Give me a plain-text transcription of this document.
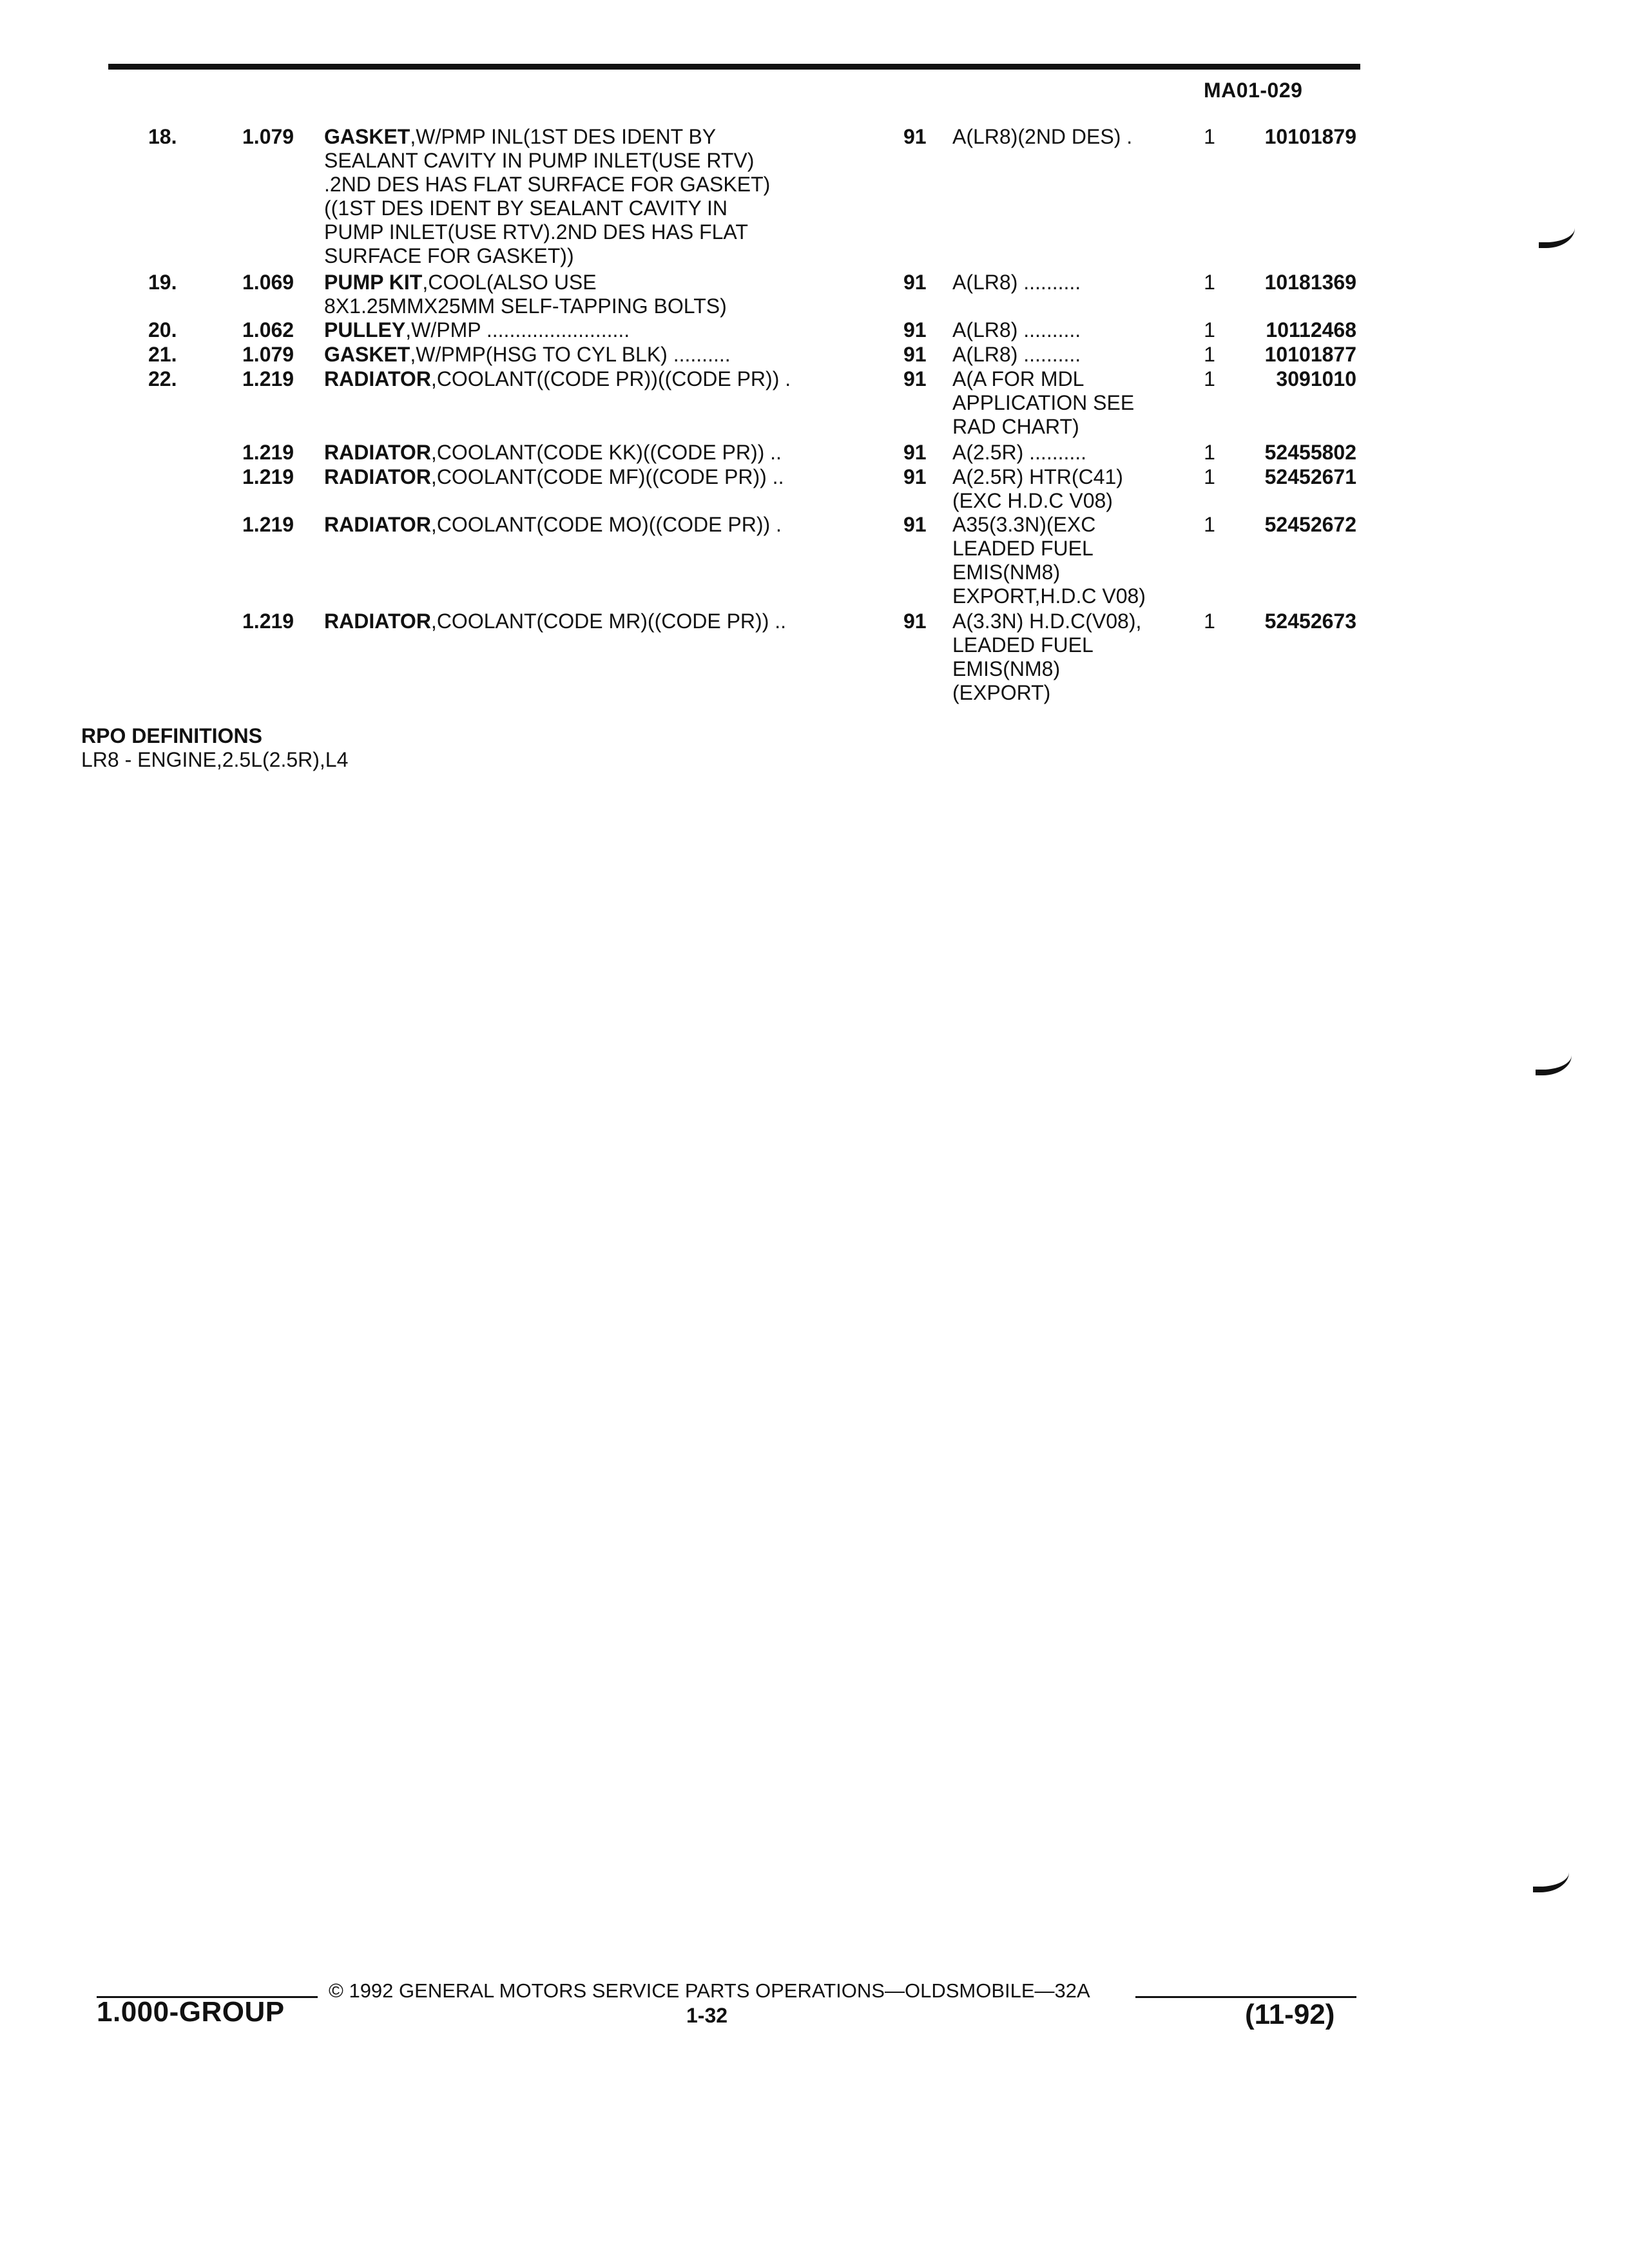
MA01-029
18.	1.079	GASKET,W/PMP INL(1ST DES IDENT BY
SEALANT CAVITY IN PUMP INLET(USE RTV)
.2ND DES HAS FLAT SURFACE FOR GASKET)
((1ST DES IDENT BY SEALANT CAVITY IN
PUMP INLET(USE RTV).2ND DES HAS FLAT
SURFACE FOR GASKET))
91	A(LR8)(2ND DES) .	1	10101879
19.	1.069	PUMP KIT,COOL(ALSO USE
8X1.25MMX25MM SELF-TAPPING BOLTS)
91	A(LR8) ..........	1	10181369
20.	1.062	PULLEY,W/PMP .........................	91	A(LR8) ..........	1	10112468
21.	1.079	GASKET,W/PMP(HSG TO CYL BLK) ..........	91	A(LR8) ..........	1	10101877
22.	1.219	RADIATOR,COOLANT((CODE PR))((CODE PR)) .	91	A(A FOR MDL
APPLICATION SEE
RAD CHART)
1	3091010
1.219	RADIATOR,COOLANT(CODE KK)((CODE PR)) ..	91	A(2.5R) ..........	1	52455802
1.219	RADIATOR,COOLANT(CODE MF)((CODE PR)) ..	91	A(2.5R) HTR(C41)
(EXC H.D.C V08)
1	52452671
1.219	RADIATOR,COOLANT(CODE MO)((CODE PR)) .	91	A35(3.3N)(EXC
LEADED FUEL
EMIS(NM8)
EXPORT,H.D.C V08)
1	52452672
1.219	RADIATOR,COOLANT(CODE MR)((CODE PR)) ..	91	A(3.3N) H.D.C(V08),
LEADED FUEL
EMIS(NM8)
(EXPORT)
1	52452673
RPO DEFINITIONS
LR8 - ENGINE,2.5L(2.5R),L4
© 1992 GENERAL MOTORS SERVICE PARTS OPERATIONS—OLDSMOBILE—32A
1.000-GROUP	1-32	(11-92)
